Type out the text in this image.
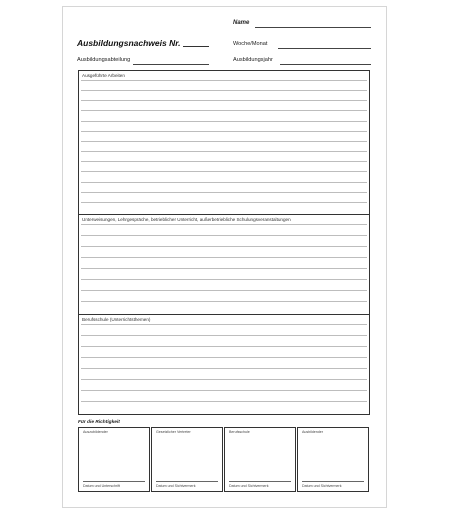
Name
Ausbildungsnachweis Nr.	Woche/Monat
Ausbildungsabteilung	Ausbildungsjahr
Ausgeführte Arbeiten
Unterweisungen, Lehrgespräche, betrieblicher Unterricht, außerbetriebliche Schulungsveranstaltungen
Berufsschule (Unterrichtsthemen)
Für die Richtigkeit
Auszubildender
Datum und Unterschrift
Gesetzlicher Vertreter
Datum und Sichtvermerk
Berufsschule
Datum und Sichtvermerk
Ausbildender
Datum und Sichtvermerk
